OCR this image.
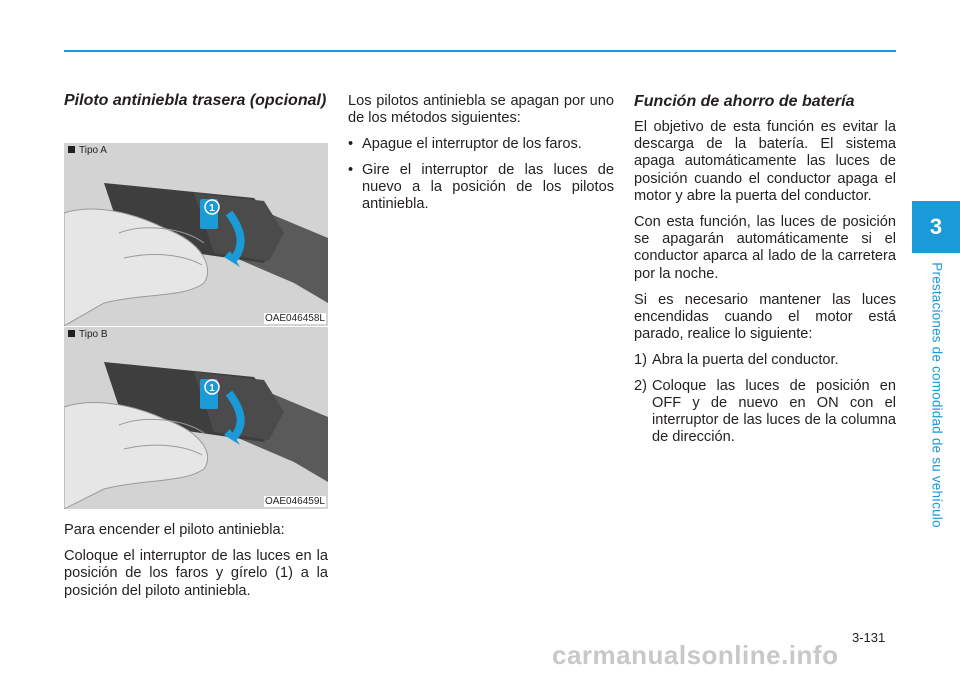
Piloto antiniebla trasera (opcional)
1
Tipo A
OAE046458L
1
Tipo B
OAE046459L

Para encender el piloto antiniebla:

Coloque el interruptor de las luces en la posición de los faros y gírelo (1) a la posición del piloto antiniebla.

Los pilotos antiniebla se apagan por uno de los métodos siguientes:

• Apague el interruptor de los faros.
• Gire el interruptor de las luces de nuevo a la posición de los pilotos antiniebla.
Función de ahorro de batería

El objetivo de esta función es evitar la descarga de la batería. El sistema apaga automáticamente las luces de posición cuando el conductor apaga el motor y abre la puerta del conductor.

Con esta función, las luces de posición se apagarán automáticamente si el conductor aparca al lado de la carretera por la noche.

Si es necesario mantener las luces encendidas cuando el motor está parado, realice lo siguiente:

1) Abra la puerta del conductor.
2) Coloque las luces de posición en OFF y de nuevo en ON con el interruptor de las luces de la columna de dirección.
3
Prestaciones de comodidad de su vehículo
3-131
carmanualsonline.info
